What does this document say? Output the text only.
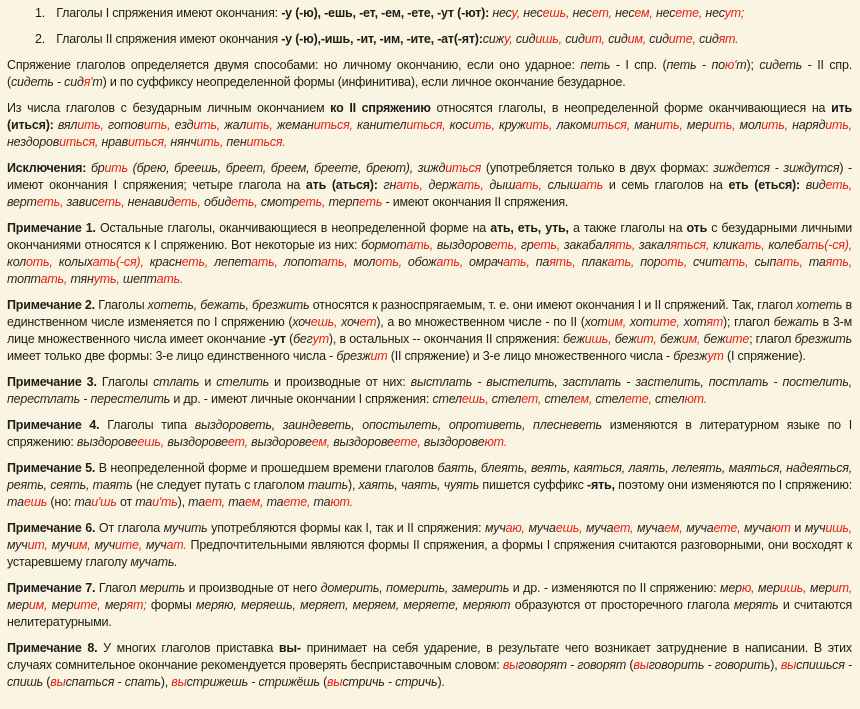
1. Глаголы I спряжения имеют окончания: -у (-ю), -ешь, -ет, -ем, -ете, -ут (-ют): несу, несешь, несет, несем, несете, несут;

2. Глаголы II спряжения имеют окончания -у (-ю),-ишь, -ит, -им, -ите, -ат(-ят):сижу, сидишь, сидит, сидим, сидите, сидят.

Спряжение глаголов определяется двумя способами: но личному окончанию, если оно ударное: петь - I спр. (петь - пою'т); сидеть - II спр. (сидеть - сидя'т) и по суффиксу неопределенной формы (инфинитива), если личное окончание безударное.

Из числа глаголов с безударным личным окончанием ко II спряжению относятся глаголы, в неопределенной форме оканчивающиеся на ить (иться): вялить, готовить, ездить, жалить, жеманиться, канителиться, косить, кружить, лакомиться, манить, мерить, молить, нарядить, нездоровиться, нравиться, нянчить, пениться.

Исключения: брить (брею, бреешь, бреет, бреем, бреете, бреют), зиждиться (употребляется только в двух формах: зиждется - зиждутся) - имеют окончания I спряжения; четыре глагола на ать (аться): гнать, держать, дышать, слышать и семь глаголов на еть (еться): видеть, вертеть, зависеть, ненавидеть, обидеть, смотреть, терпеть - имеют окончания II спряжения.

Примечание 1. Остальные глаголы, оканчивающиеся в неопределенной форме на ать, еть, уть, а также глаголы на оть с безударными личными окончаниями относятся к I спряжению. Вот некоторые из них: бормотать, выздороветь, греть, закабалять, закаляться, кликать, колебать(-ся), колоть, колыхать(-ся), краснеть, лепетать, лопотать, молоть, обожать, омрачать, паять, плакать, пороть, считать, сыпать, таять, топтать, тянуть, шептать.

Примечание 2. Глаголы хотеть, бежать, брезжить относятся к разноспрягаемым, т. е. они имеют окончания I и II спряжений. Так, глагол хотеть в единственном числе изменяется по I спряжению (хочешь, хочет), а во множественном числе - по II (хотим, хотите, хотят); глагол бежать в 3-м лице множественного числа имеет окончание -ут (бегут), в остальных -- окончания II спряжения: бежишь, бежит, бежим, бежите; глагол брезжить имеет только две формы: 3-е лицо единственного числа - брезжит (II спряжение) и 3-е лицо множественного числа - брезжут (I спряжение).

Примечание 3. Глаголы стлать и стелить и производные от них: выстлать - выстелить, застлать - застелить, постлать - постелить, перестлать - перестелить и др. - имеют личные окончании I спряжения: стелешь, стелет, стелем, стелете, стелют.

Примечание 4. Глаголы типа выздороветь, заиндеветь, опостылеть, опротиветь, плесневеть изменяются в литературном языке по I спряжению: выздоровеешь, выздоровеет, выздоровеем, выздоровеете, выздоровеют.

Примечание 5. В неопределенной форме и прошедшем времени глаголов баять, блеять, веять, каяться, лаять, лелеять, маяться, надеяться, реять, сеять, таять (не следует путать с глаголом таить), хаять, чаять, чуять пишется суффикс -ять, поэтому они изменяются по I спряжению: таешь (но: таи'шь от таи'ть), тает, таем, таете, тают.

Примечание 6. От глагола мучить употребляются формы как I, так и II спряжения: мучаю, мучаешь, мучает, мучаем, мучаете, мучают и мучишь, мучит, мучим, мучите, мучат. Предпочтительными являются формы II спряжения, а формы I спряжения считаются разговорными, они восходят к устаревшему глаголу мучать.

Примечание 7. Глагол мерить и производные от него домерить, померить, замерить и др. - изменяются по II спряжению: мерю, меришь, мерит, мерим, мерите, мерят; формы меряю, меряешь, меряет, меряем, меряете, меряют образуются от просторечного глагола мерять и считаются нелитературными.

Примечание 8. У многих глаголов приставка вы- принимает на себя ударение, в результате чего возникает затруднение в написании. В этих случаях сомнительное окончание рекомендуется проверять бесприставочным словом: выговорят - говорят (выговорить - говорить), выспишься - спишь (выспаться - спать), выстрижешь - стрижёшь (выстричь - стричь).
